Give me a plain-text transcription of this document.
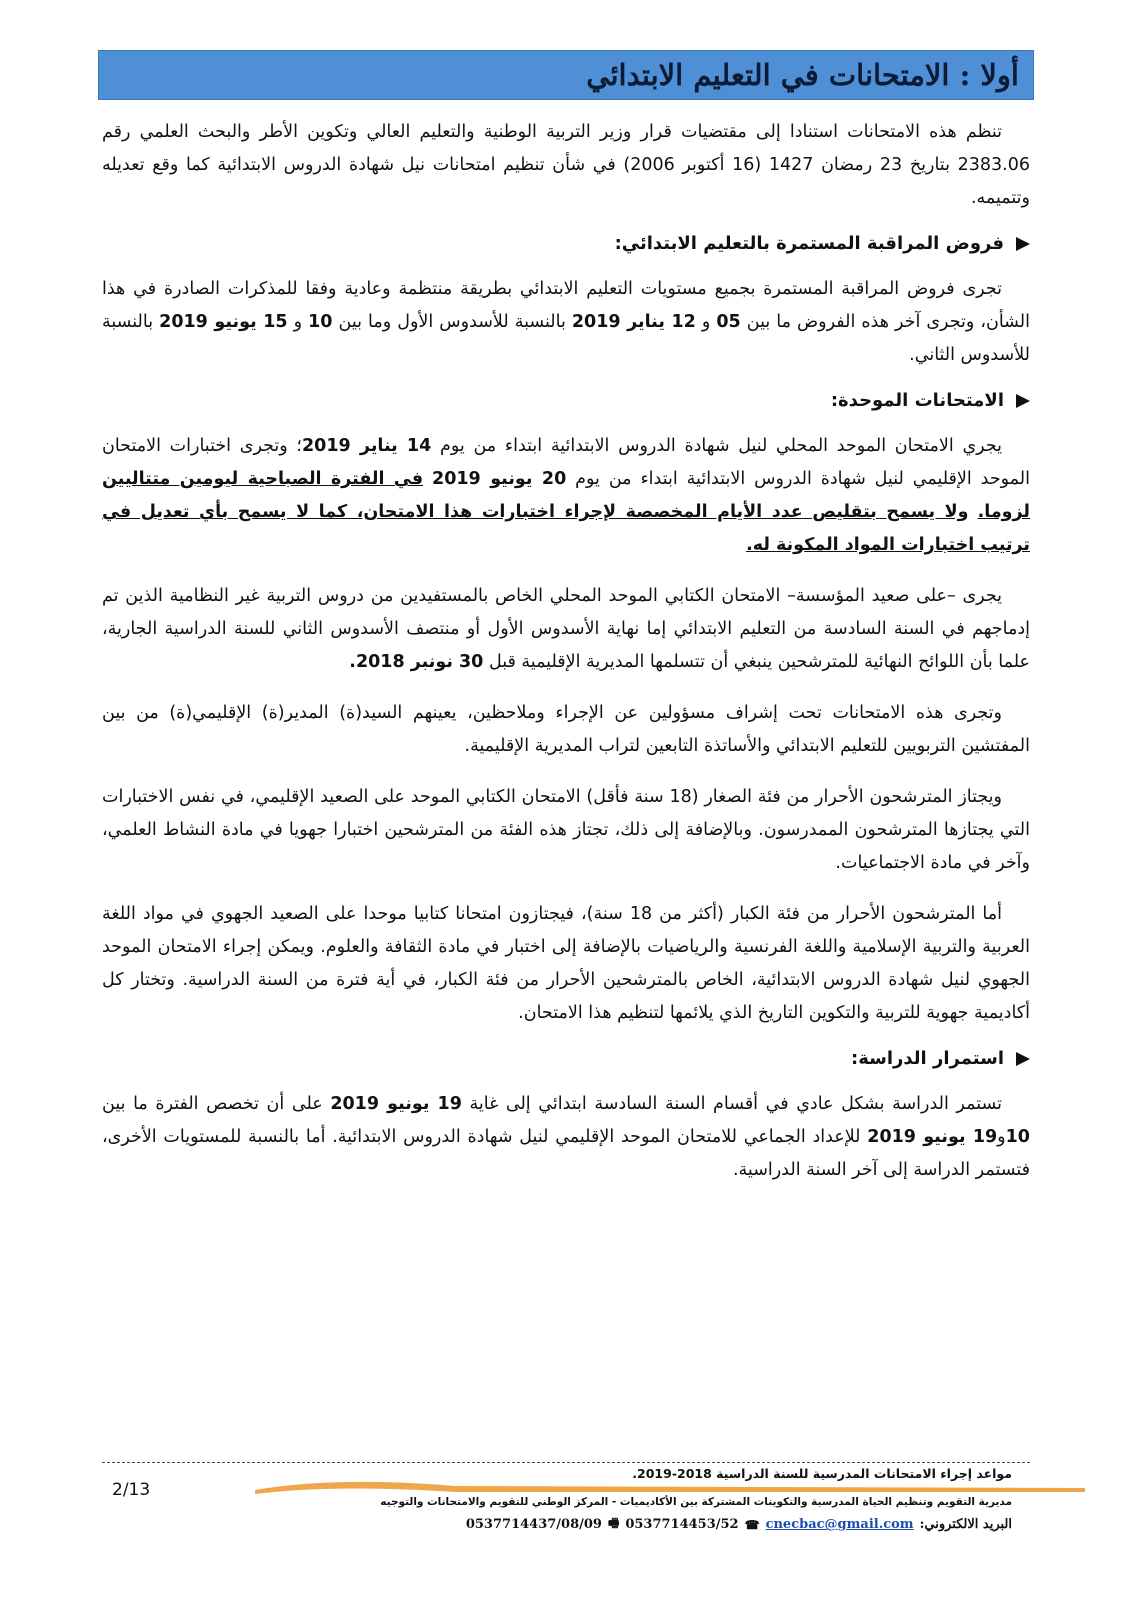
أولا : الامتحانات في التعليم الابتدائي

تنظم هذه الامتحانات استنادا إلى مقتضيات قرار وزير التربية الوطنية والتعليم العالي وتكوين الأطر والبحث العلمي رقم 2383.06 بتاريخ 23 رمضان 1427 (16 أكتوبر 2006) في شأن تنظيم امتحانات نيل شهادة الدروس الابتدائية كما وقع تعديله وتتميمه.

فروض المراقبة المستمرة بالتعليم الابتدائي:

تجرى فروض المراقبة المستمرة بجميع مستويات التعليم الابتدائي بطريقة منتظمة وعادية وفقا للمذكرات الصادرة في هذا الشأن، وتجرى آخر هذه الفروض ما بين 05 و 12 يناير 2019 بالنسبة للأسدوس الأول وما بين 10 و 15 يونيو 2019 بالنسبة للأسدوس الثاني.

الامتحانات الموحدة:

يجري الامتحان الموحد المحلي لنيل شهادة الدروس الابتدائية ابتداء من يوم 14 يناير 2019؛ وتجرى اختبارات الامتحان الموحد الإقليمي لنيل شهادة الدروس الابتدائية ابتداء من يوم 20 يونيو 2019 في الفترة الصباحية ليومين متتاليين لزوما. ولا يسمح بتقليص عدد الأيام المخصصة لإجراء اختبارات هذا الامتحان، كما لا يسمح بأي تعديل في ترتيب اختبارات المواد المكونة له.

يجرى –على صعيد المؤسسة– الامتحان الكتابي الموحد المحلي الخاص بالمستفيدين من دروس التربية غير النظامية الذين تم إدماجهم في السنة السادسة من التعليم الابتدائي إما نهاية الأسدوس الأول أو منتصف الأسدوس الثاني للسنة الدراسية الجارية، علما بأن اللوائح النهائية للمترشحين ينبغي أن تتسلمها المديرية الإقليمية قبل 30 نونبر 2018.

وتجرى هذه الامتحانات تحت إشراف مسؤولين عن الإجراء وملاحظين، يعينهم السيد(ة) المدير(ة) الإقليمي(ة) من بين المفتشين التربويين للتعليم الابتدائي والأساتذة التابعين لتراب المديرية الإقليمية.

ويجتاز المترشحون الأحرار من فئة الصغار (18 سنة فأقل) الامتحان الكتابي الموحد على الصعيد الإقليمي، في نفس الاختبارات التي يجتازها المترشحون الممدرسون. وبالإضافة إلى ذلك، تجتاز هذه الفئة من المترشحين اختبارا جهويا في مادة النشاط العلمي، وآخر في مادة الاجتماعيات.

أما المترشحون الأحرار من فئة الكبار (أكثر من 18 سنة)، فيجتازون امتحانا كتابيا موحدا على الصعيد الجهوي في مواد اللغة العربية والتربية الإسلامية واللغة الفرنسية والرياضيات بالإضافة إلى اختبار في مادة الثقافة والعلوم. ويمكن إجراء الامتحان الموحد الجهوي لنيل شهادة الدروس الابتدائية، الخاص بالمترشحين الأحرار من فئة الكبار، في أية فترة من السنة الدراسية. وتختار كل أكاديمية جهوية للتربية والتكوين التاريخ الذي يلائمها لتنظيم هذا الامتحان.

استمرار الدراسة:

تستمر الدراسة بشكل عادي في أقسام السنة السادسة ابتدائي إلى غاية 19 يونيو 2019 على أن تخصص الفترة ما بين 10و19 يونيو 2019 للإعداد الجماعي للامتحان الموحد الإقليمي لنيل شهادة الدروس الابتدائية. أما بالنسبة للمستويات الأخرى، فتستمر الدراسة إلى آخر السنة الدراسية.

مواعد إجراء الامتحانات المدرسية للسنة الدراسية 2018-2019.
2/13
مديرية التقويم وتنظيم الحياة المدرسية والتكوينات المشتركة بين الأكاديميات - المركز الوطني للتقويم والامتحانات والتوجيه
البريد الالكتروني:
cnecbac@gmail.com
☎
0537714453/52
🖷
0537714437/08/09
